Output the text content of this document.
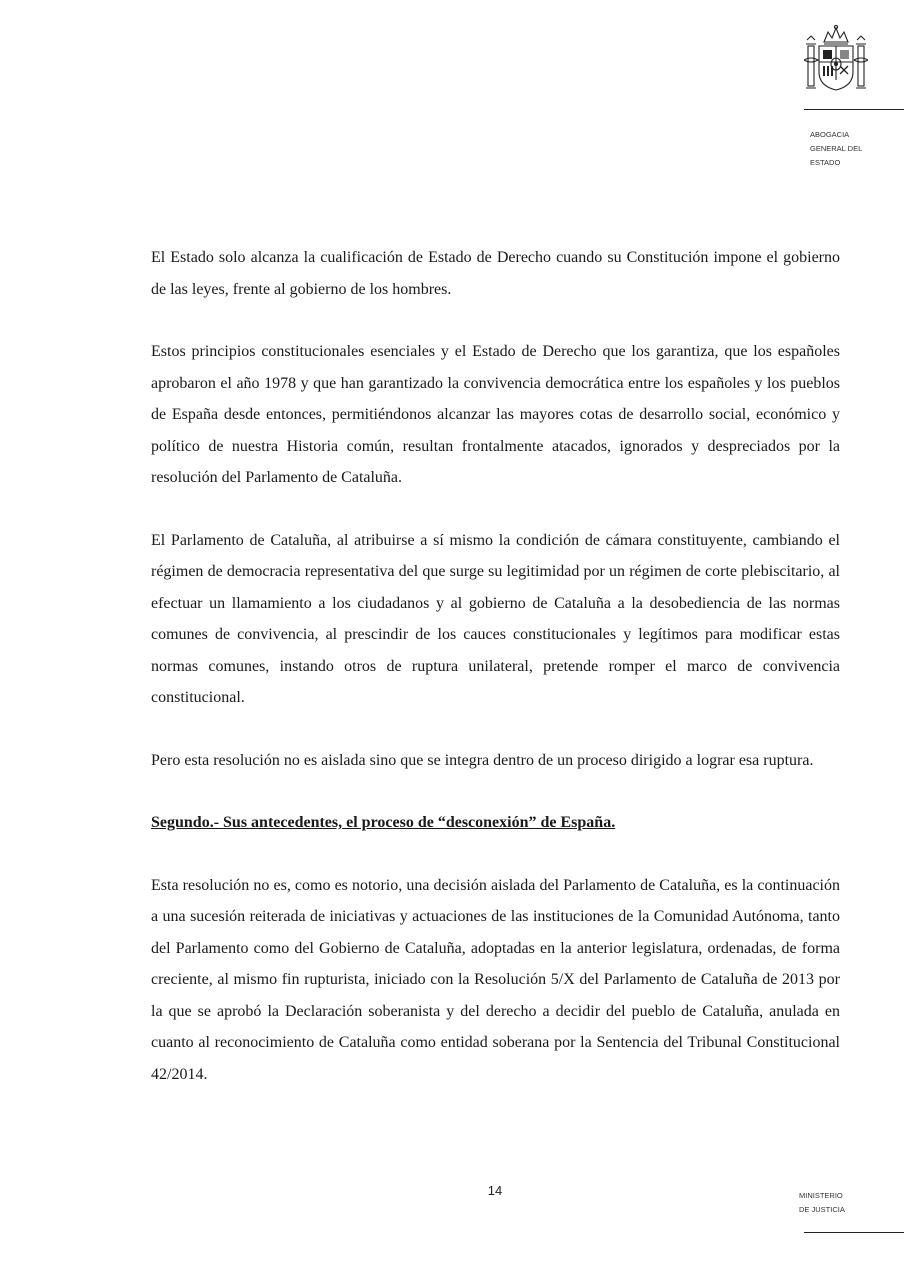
ABOGACIA
GENERAL DEL
ESTADO

El Estado solo alcanza la cualificación de Estado de Derecho cuando su Constitución impone el gobierno de las leyes, frente al gobierno de los hombres.

Estos principios constitucionales esenciales y el Estado de Derecho que los garantiza, que los españoles aprobaron el año 1978 y que han garantizado la convivencia democrática entre los españoles y los pueblos de España desde entonces, permitiéndonos alcanzar las mayores cotas de desarrollo social, económico y político de nuestra Historia común, resultan frontalmente atacados, ignorados y despreciados por la resolución del Parlamento de Cataluña.

El Parlamento de Cataluña, al atribuirse a sí mismo la condición de cámara constituyente, cambiando el régimen de democracia representativa del que surge su legitimidad por un régimen de corte plebiscitario, al efectuar un llamamiento a los ciudadanos y al gobierno de Cataluña a la desobediencia de las normas comunes de convivencia, al prescindir de los cauces constitucionales y legítimos para modificar estas normas comunes, instando otros de ruptura unilateral, pretende romper el marco de convivencia constitucional.

Pero esta resolución no es aislada sino que se integra dentro de un proceso dirigido a lograr esa ruptura.

Segundo.- Sus antecedentes, el proceso de “desconexión” de España.

Esta resolución no es, como es notorio, una decisión aislada del Parlamento de Cataluña, es la continuación a una sucesión reiterada de iniciativas y actuaciones de las instituciones de la Comunidad Autónoma, tanto del Parlamento como del Gobierno de Cataluña, adoptadas en la anterior legislatura, ordenadas, de forma creciente, al mismo fin rupturista, iniciado con la Resolución 5/X del Parlamento de Cataluña de 2013 por la que se aprobó la Declaración soberanista y del derecho a decidir del pueblo de Cataluña, anulada en cuanto al reconocimiento de Cataluña como entidad soberana por la Sentencia del Tribunal Constitucional 42/2014.

14	MINISTERIO
DE JUSTICIA
